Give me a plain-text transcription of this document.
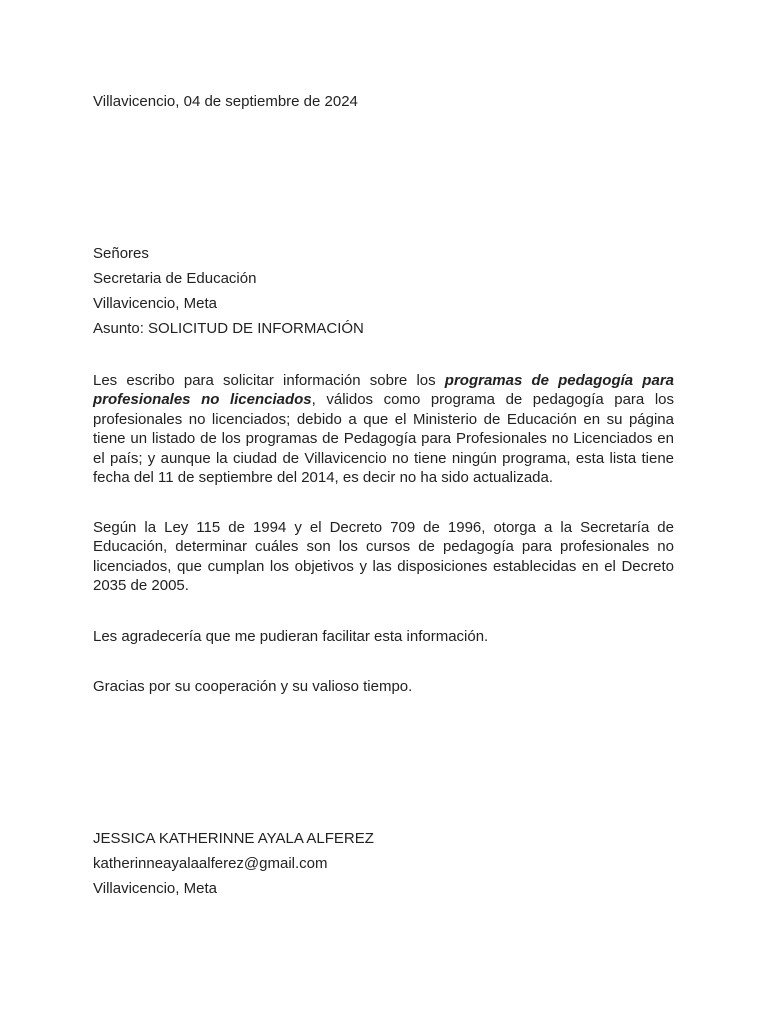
Villavicencio, 04 de septiembre de 2024
Señores
Secretaria de Educación
Villavicencio, Meta
Asunto: SOLICITUD DE INFORMACIÓN

Les escribo para solicitar información sobre los programas de pedagogía para profesionales no licenciados, válidos como programa de pedagogía para los profesionales no licenciados; debido a que el Ministerio de Educación en su página tiene un listado de los programas de Pedagogía para Profesionales no Licenciados en el país; y aunque la ciudad de Villavicencio no tiene ningún programa, esta lista tiene fecha del 11 de septiembre del 2014, es decir no ha sido actualizada.

Según la Ley 115 de 1994 y el Decreto 709 de 1996, otorga a la Secretaría de Educación, determinar cuáles son los cursos de pedagogía para profesionales no licenciados, que cumplan los objetivos y las disposiciones establecidas en el Decreto 2035 de 2005.

Les agradecería que me pudieran facilitar esta información.

Gracias por su cooperación y su valioso tiempo.

JESSICA KATHERINNE AYALA ALFEREZ
katherinneayalaalferez@gmail.com
Villavicencio, Meta
